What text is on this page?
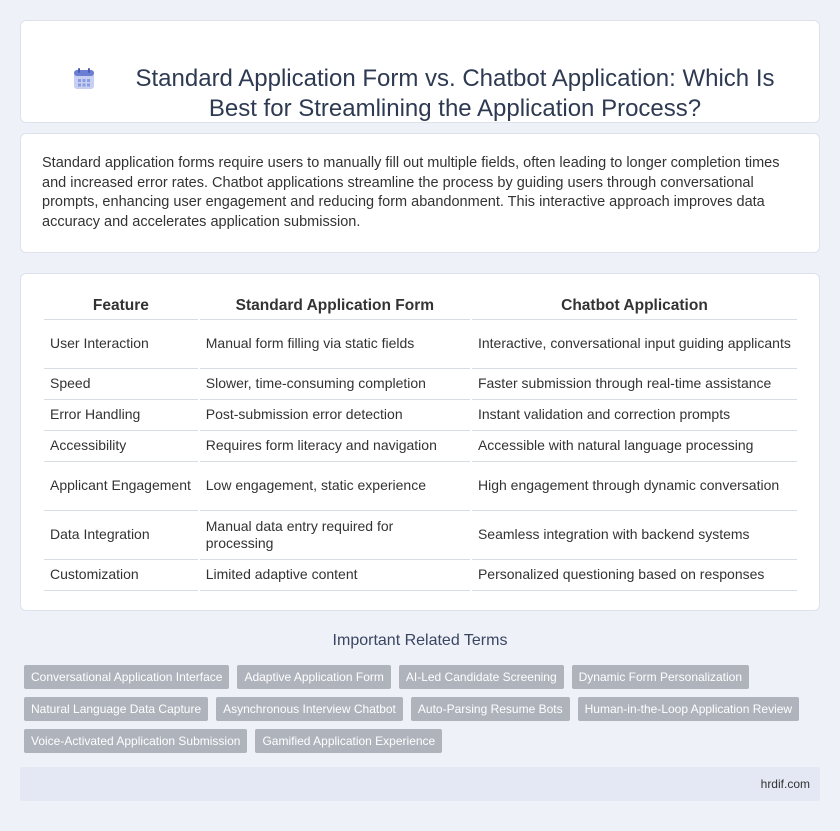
Standard Application Form vs. Chatbot Application: Which Is Best for Streamlining the Application Process?

Standard application forms require users to manually fill out multiple fields, often leading to longer completion times and increased error rates. Chatbot applications streamline the process by guiding users through conversational prompts, enhancing user engagement and reducing form abandonment. This interactive approach improves data accuracy and accelerates application submission.

Feature	Standard Application Form	Chatbot Application
User Interaction	Manual form filling via static fields	Interactive, conversational input guiding applicants
Speed	Slower, time-consuming completion	Faster submission through real-time assistance
Error Handling	Post-submission error detection	Instant validation and correction prompts
Accessibility	Requires form literacy and navigation	Accessible with natural language processing
Applicant Engagement	Low engagement, static experience	High engagement through dynamic conversation
Data Integration	Manual data entry required for processing	Seamless integration with backend systems
Customization	Limited adaptive content	Personalized questioning based on responses
Important Related Terms
Conversational Application Interface	Adaptive Application Form	AI-Led Candidate Screening	Dynamic Form Personalization
Natural Language Data Capture	Asynchronous Interview Chatbot	Auto-Parsing Resume Bots	Human-in-the-Loop Application Review
Voice-Activated Application Submission	Gamified Application Experience
hrdif.com
